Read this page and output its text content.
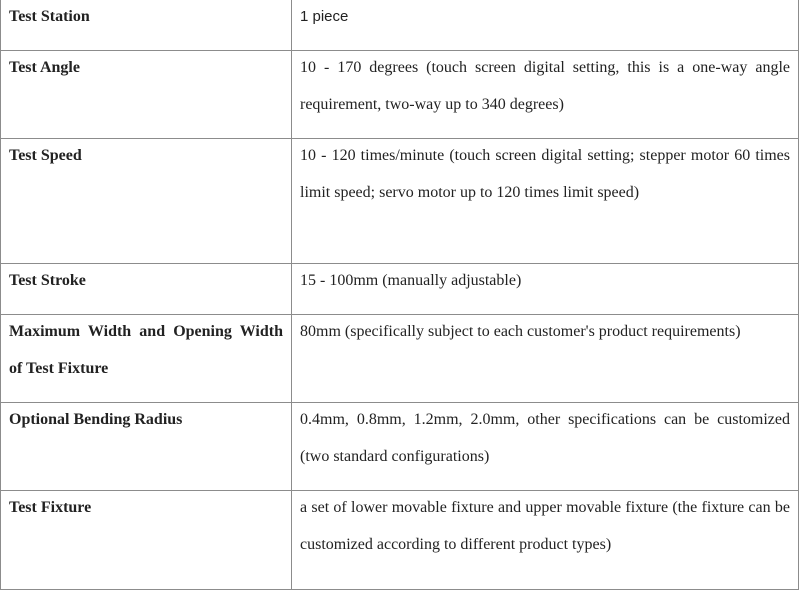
Test Station	1 piece

Test Angle	10 - 170 degrees (touch screen digital setting, this is a one-way angle requirement, two-way up to 340 degrees)

Test Speed	10 - 120 times/minute (touch screen digital setting; stepper motor 60 times limit speed; servo motor up to 120 times limit speed)

Test Stroke	15 - 100mm (manually adjustable)

Maximum Width and Opening Width of Test Fixture	80mm (specifically subject to each customer's product requirements)

Optional Bending Radius	0.4mm, 0.8mm, 1.2mm, 2.0mm, other specifications can be customized (two standard configurations)

Test Fixture	a set of lower movable fixture and upper movable fixture (the fixture can be customized according to different product types)
